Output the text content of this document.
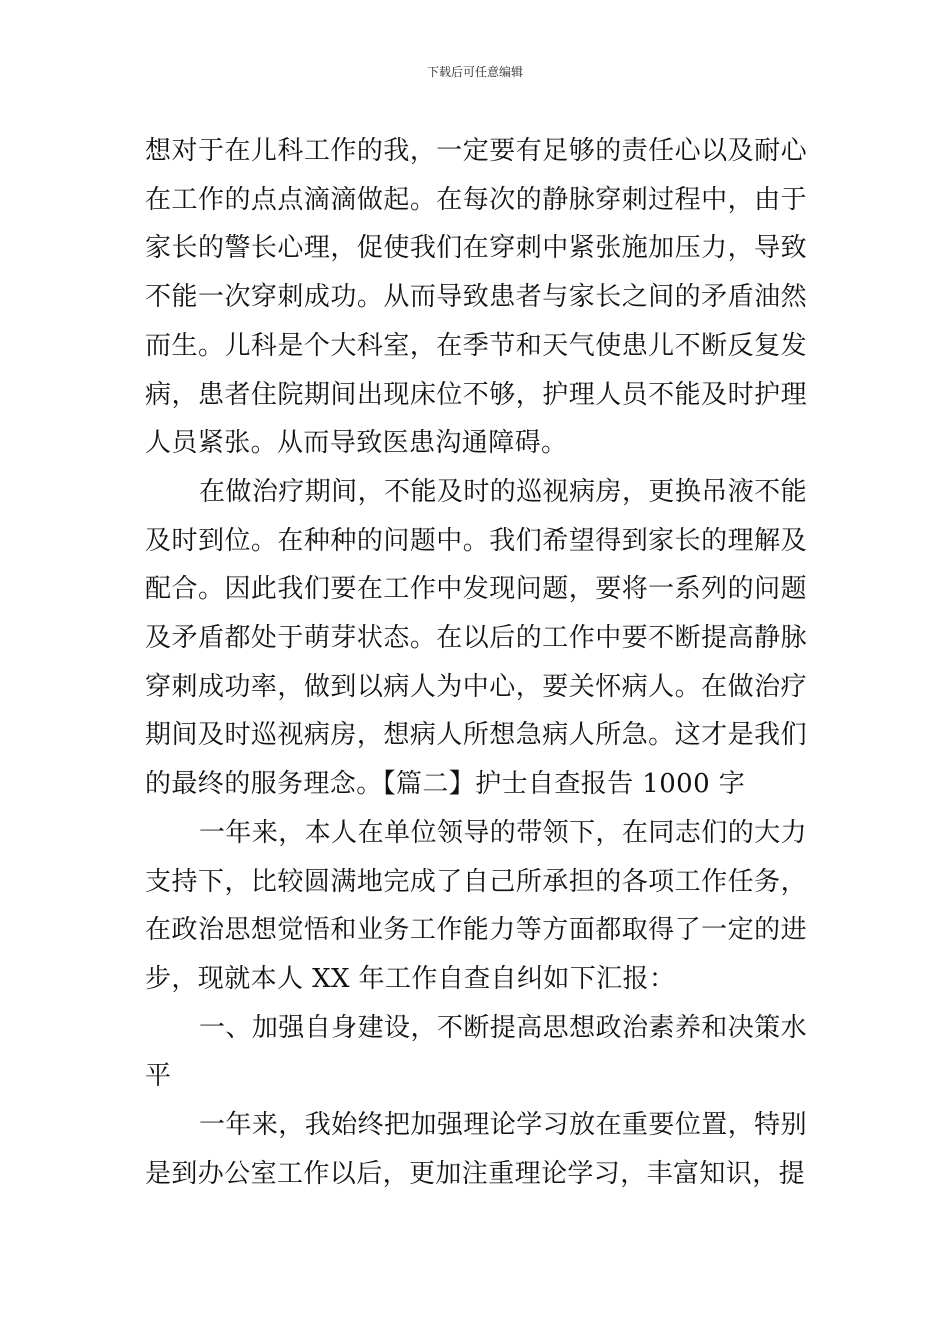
下载后可任意编辑

想对于在儿科工作的我，一定要有足够的责任心以及耐心在工作的点点滴滴做起。在每次的静脉穿刺过程中，由于家长的警长心理，促使我们在穿刺中紧张施加压力，导致不能一次穿刺成功。从而导致患者与家长之间的矛盾油然而生。儿科是个大科室，在季节和天气使患儿不断反复发病，患者住院期间出现床位不够，护理人员不能及时护理人员紧张。从而导致医患沟通障碍。

在做治疗期间，不能及时的巡视病房，更换吊液不能及时到位。在种种的问题中。我们希望得到家长的理解及配合。因此我们要在工作中发现问题，要将一系列的问题及矛盾都处于萌芽状态。在以后的工作中要不断提高静脉穿刺成功率，做到以病人为中心，要关怀病人。在做治疗期间及时巡视病房，想病人所想急病人所急。这才是我们的最终的服务理念。【篇二】护士自查报告 1000 字

一年来，本人在单位领导的带领下，在同志们的大力支持下，比较圆满地完成了自己所承担的各项工作任务，在政治思想觉悟和业务工作能力等方面都取得了一定的进步，现就本人 XX 年工作自查自纠如下汇报：

一、加强自身建设，不断提高思想政治素养和决策水平

一年来，我始终把加强理论学习放在重要位置，特别是到办公室工作以后，更加注重理论学习，丰富知识，提
